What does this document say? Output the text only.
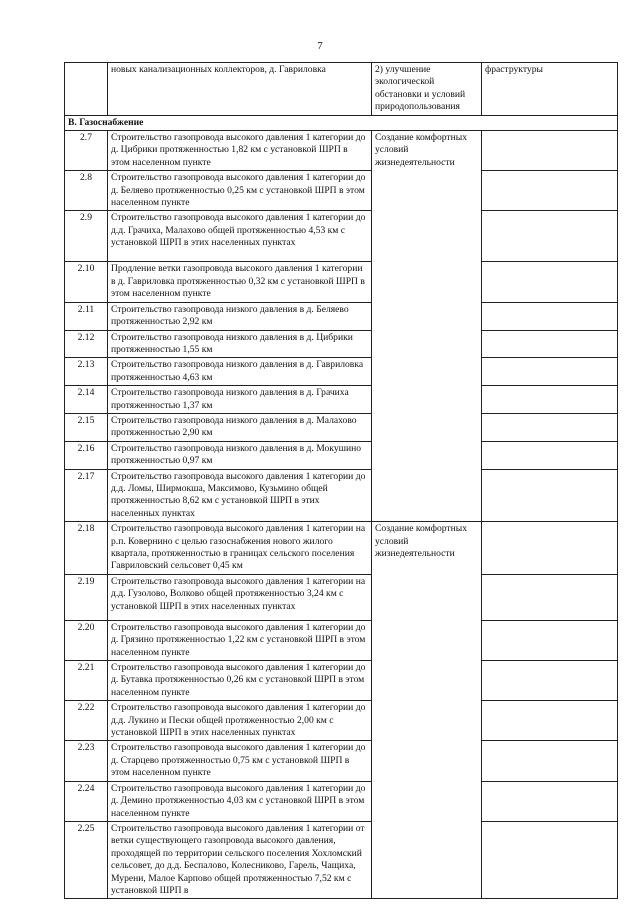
7
	новых канализационных коллекторов, д. Гавриловка	2) улучшение экологической обстановки и условий природопользования	фраструктуры
В. Газоснабжение			
2.7	Строительство газопровода высокого давления 1 категории до д. Цибрики протяженностью 1,82 км с установкой ШРП в этом населенном пункте	Создание комфортных условий жизнедеятельности	
2.8	Строительство газопровода высокого давления 1 категории до д. Беляево протяженностью 0,25 км с установкой ШРП в этом населенном пункте		
2.9	Строительство газопровода высокого давления 1 категории до д.д. Грачиха, Малахово общей протяженностью 4,53 км с установкой ШРП в этих населенных пунктах		
2.10	Продление ветки газопровода высокого давления 1 категории в д. Гавриловка протяженностью 0,32 км с установкой ШРП в этом населенном пункте		
2.11	Строительство газопровода низкого давления в д. Беляево протяженностью 2,92 км		
2.12	Строительство газопровода низкого давления в д. Цибрики протяженностью 1,55 км		
2.13	Строительство газопровода низкого давления в д. Гавриловка протяженностью 4,63 км		
2.14	Строительство газопровода низкого давления в д. Грачиха протяженностью 1,37 км		
2.15	Строительство газопровода низкого давления в д. Малахово протяженностью 2,90 км		
2.16	Строительство газопровода низкого давления в д. Мокушино протяженностью 0,97 км		
2.17	Строительство газопровода высокого давления 1 категории до д.д. Ломы, Ширмокша, Максимово, Кузьмино общей протяженностью 8,62 км с установкой ШРП в этих населенных пунктах		
2.18	Строительство газопровода высокого давления 1 категории на р.п. Ковернино с целью газоснабжения нового жилого квартала, протяженностью в границах сельского поселения Гавриловский сельсовет 0,45 км	Создание комфортных условий жизнедеятельности	
2.19	Строительство газопровода высокого давления 1 категории на д.д. Гузолово, Волково общей протяженностью 3,24 км с установкой ШРП в этих населенных пунктах		
2.20	Строительство газопровода высокого давления 1 категории до д. Грязино протяженностью 1,22 км с установкой ШРП в этом населенном пункте		
2.21	Строительство газопровода высокого давления 1 категории до д. Бутавка протяженностью 0,26 км с установкой ШРП в этом населенном пункте		
2.22	Строительство газопровода высокого давления 1 категории до д.д. Лукино и Пески общей протяженностью 2,00 км с установкой ШРП в этих населенных пунктах		
2.23	Строительство газопровода высокого давления 1 категории до д. Старцево протяженностью 0,75 км с установкой ШРП в этом населенном пункте		
2.24	Строительство газопровода высокого давления 1 категории до д. Демино протяженностью 4,03 км с установкой ШРП в этом населенном пункте		
2.25	Строительство газопровода высокого давления 1 категории от ветки существующего газопровода высокого давления, проходящей по территории сельского поселения Хохломский сельсовет, до д.д. Беспалово, Колесниково, Гарель, Чащиха, Мурени, Малое Карпово общей протяженностью 7,52 км с установкой ШРП в		
